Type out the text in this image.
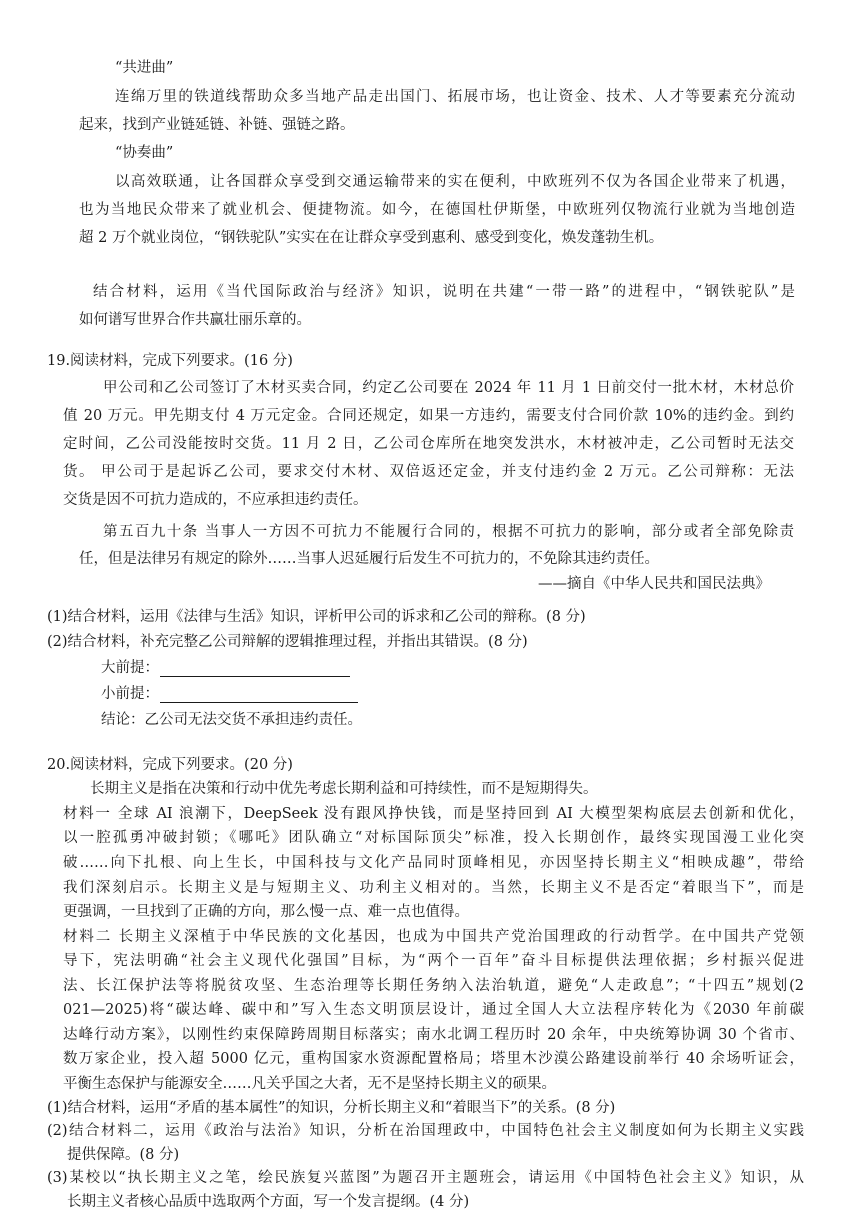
“共进曲”
连绵万里的铁道线帮助众多当地产品走出国门、拓展市场，也让资金、技术、人才等要素充分流动
起来，找到产业链延链、补链、强链之路。
“协奏曲”
以高效联通，让各国群众享受到交通运输带来的实在便利，中欧班列不仅为各国企业带来了机遇，
也为当地民众带来了就业机会、便捷物流。如今，在德国杜伊斯堡，中欧班列仅物流行业就为当地创造
超 2 万个就业岗位，“钢铁驼队”实实在在让群众享受到惠利、感受到变化，焕发蓬勃生机。
结合材料，运用《当代国际政治与经济》知识，说明在共建“一带一路”的进程中，“钢铁驼队”是
如何谱写世界合作共赢壮丽乐章的。
19.阅读材料，完成下列要求。(16 分)
甲公司和乙公司签订了木材买卖合同，约定乙公司要在 2024 年 11 月 1 日前交付一批木材，木材总价
值 20 万元。甲先期支付 4 万元定金。合同还规定，如果一方违约，需要支付合同价款 10%的违约金。到约
定时间，乙公司没能按时交货。11 月 2 日，乙公司仓库所在地突发洪水，木材被冲走，乙公司暂时无法交
货。 甲公司于是起诉乙公司，要求交付木材、双倍返还定金，并支付违约金 2 万元。乙公司辩称：无法
交货是因不可抗力造成的，不应承担违约责任。
第五百九十条 当事人一方因不可抗力不能履行合同的，根据不可抗力的影响，部分或者全部免除责
任，但是法律另有规定的除外……当事人迟延履行后发生不可抗力的，不免除其违约责任。
——摘自《中华人民共和国民法典》
(1)结合材料，运用《法律与生活》知识，评析甲公司的诉求和乙公司的辩称。(8 分)
(2)结合材料，补充完整乙公司辩解的逻辑推理过程，并指出其错误。(8 分)
大前提：
小前提：
结论：乙公司无法交货不承担违约责任。
20.阅读材料，完成下列要求。(20 分)
长期主义是指在决策和行动中优先考虑长期利益和可持续性，而不是短期得失。
材料一 全球 AI 浪潮下，DeepSeek 没有跟风挣快钱，而是坚持回到 AI 大模型架构底层去创新和优化，
以一腔孤勇冲破封锁；《哪吒》团队确立“对标国际顶尖”标准，投入长期创作，最终实现国漫工业化突
破……向下扎根、向上生长，中国科技与文化产品同时顶峰相见，亦因坚持长期主义“相映成趣”，带给
我们深刻启示。长期主义是与短期主义、功利主义相对的。当然，长期主义不是否定“着眼当下”，而是
更强调，一旦找到了正确的方向，那么慢一点、难一点也值得。
材料二 长期主义深植于中华民族的文化基因，也成为中国共产党治国理政的行动哲学。在中国共产党领
导下，宪法明确“社会主义现代化强国”目标，为“两个一百年”奋斗目标提供法理依据；乡村振兴促进
法、长江保护法等将脱贫攻坚、生态治理等长期任务纳入法治轨道，避免“人走政息”；“十四五”规划(2
021—2025)将“碳达峰、碳中和”写入生态文明顶层设计，通过全国人大立法程序转化为《2030 年前碳
达峰行动方案》，以刚性约束保障跨周期目标落实；南水北调工程历时 20 余年，中央统筹协调 30 个省市、
数万家企业，投入超 5000 亿元，重构国家水资源配置格局；塔里木沙漠公路建设前举行 40 余场听证会，
平衡生态保护与能源安全……凡关乎国之大者，无不是坚持长期主义的硕果。
(1)结合材料，运用“矛盾的基本属性”的知识，分析长期主义和“着眼当下”的关系。(8 分)
(2)结合材料二，运用《政治与法治》知识，分析在治国理政中，中国特色社会主义制度如何为长期主义实践
提供保障。(8 分)
(3)某校以“执长期主义之笔，绘民族复兴蓝图”为题召开主题班会，请运用《中国特色社会主义》知识，从
长期主义者核心品质中选取两个方面，写一个发言提纲。(4 分)
